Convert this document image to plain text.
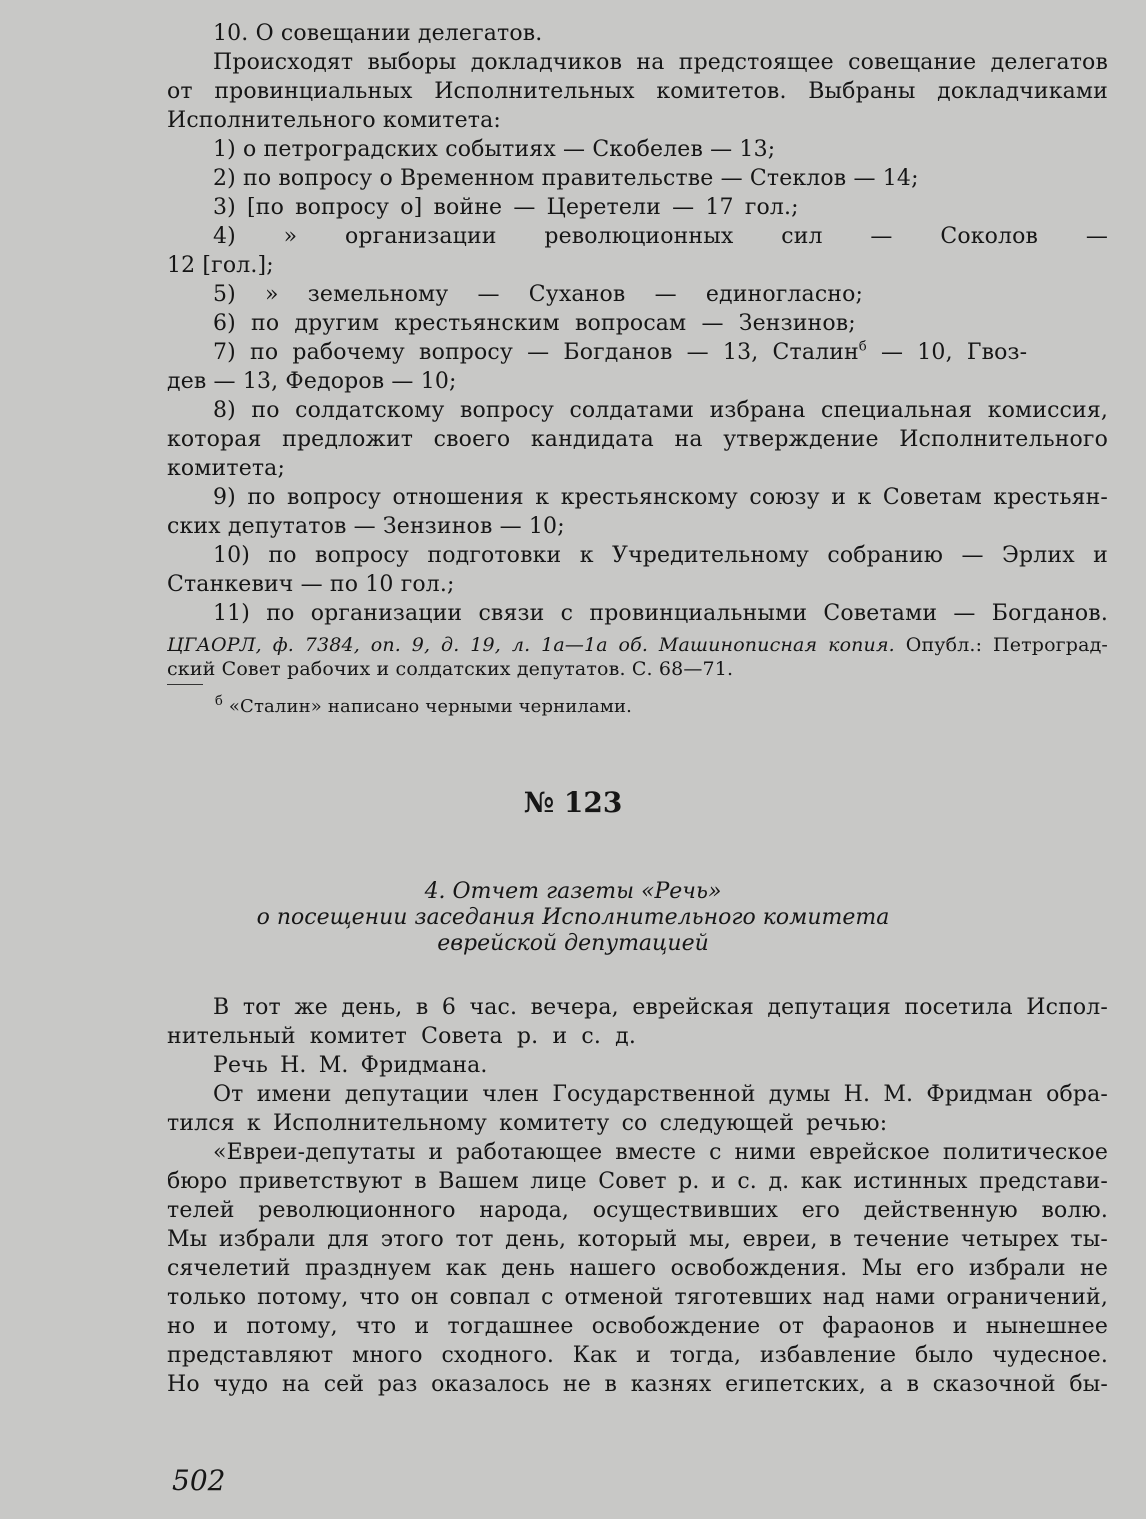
10. О совещании делегатов.

Происходят выборы докладчиков на предстоящее совещание делегатов

от провинциальных Исполнительных комитетов. Выбраны докладчиками

Исполнительного комитета:

1) о петроградских событиях — Скобелев — 13;

2) по вопросу о Временном правительстве — Стеклов — 14;

3) [по вопросу о] войне — Церетели — 17 гол.;

4) » организации революционных сил — Соколов —

12 [гол.];

5) » земельному — Суханов — единогласно;

6) по другим крестьянским вопросам — Зензинов;

7) по рабочему вопросу — Богданов — 13, Сталин$^б$ — 10, Гвоз-

дев — 13, Федоров — 10;

8) по солдатскому вопросу солдатами избрана специальная комиссия,

которая предложит своего кандидата на утверждение Исполнительного

комитета;

9) по вопросу отношения к крестьянскому союзу и к Советам крестьян-

ских депутатов — Зензинов — 10;

10) по вопросу подготовки к Учредительному собранию — Эрлих и

Станкевич — по 10 гол.;

11) по организации связи с провинциальными Советами — Богданов.

ЦГАОРЛ, ф. 7384, оп. 9, д. 19, л. 1а—1а об. Машинописная копия. Опубл.: Петроград-

ский Совет рабочих и солдатских депутатов. С. 68—71.

$^б$ «Сталин» написано черными чернилами.

№ 123

4. Отчет газеты «Речь»

о посещении заседания Исполнительного комитета

еврейской депутацией

В тот же день, в 6 час. вечера, еврейская депутация посетила Испол-

нительный комитет Совета р. и с. д.

Речь Н. М. Фридмана.

От имени депутации член Государственной думы Н. М. Фридман обра-

тился к Исполнительному комитету со следующей речью:

«Евреи-депутаты и работающее вместе с ними еврейское политическое

бюро приветствуют в Вашем лице Совет р. и с. д. как истинных представи-

телей революционного народа, осуществивших его действенную волю.

Мы избрали для этого тот день, который мы, евреи, в течение четырех ты-

сячелетий празднуем как день нашего освобождения. Мы его избрали не

только потому, что он совпал с отменой тяготевших над нами ограничений,

но и потому, что и тогдашнее освобождение от фараонов и нынешнее

представляют много сходного. Как и тогда, избавление было чудесное.

Но чудо на сей раз оказалось не в казнях египетских, а в сказочной бы-

502
